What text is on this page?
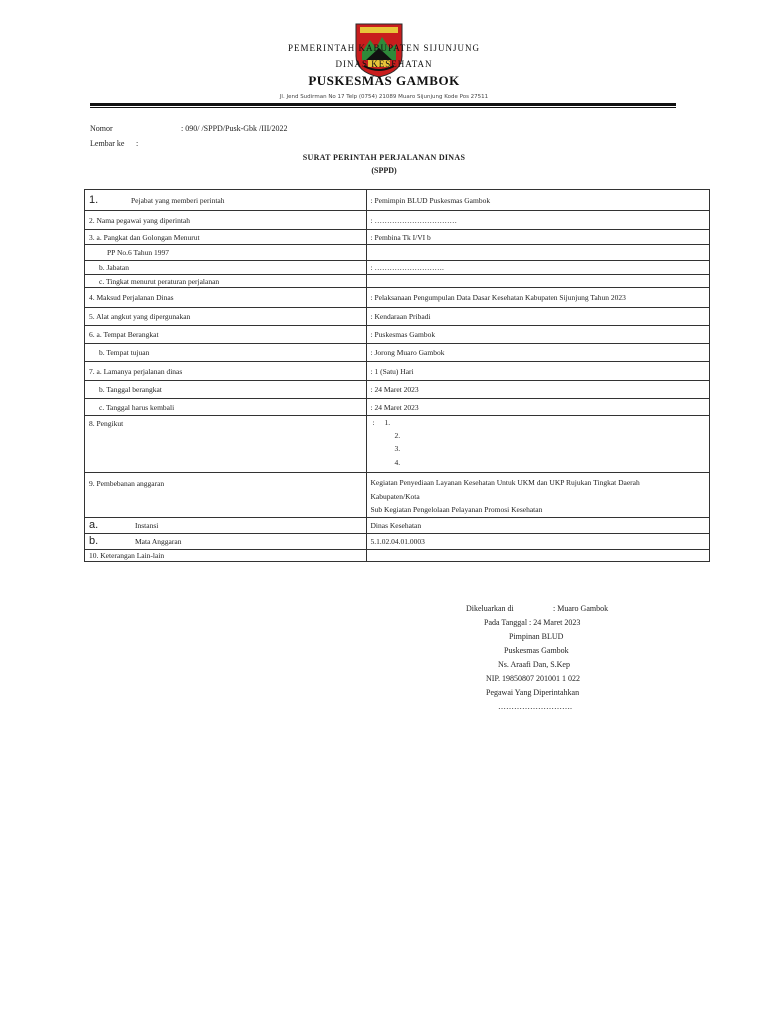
PEMERINTAH KABUPATEN SIJUNJUNG
DINAS KESEHATAN
PUSKESMAS GAMBOK
Jl. Jend Sudirman No 17 Telp (0754) 21089 Muaro Sijunjung Kode Pos 27511
Nomor	: 090/ /SPPD/Pusk-Gbk /III/2022
Lembar ke :
SURAT PERINTAH PERJALANAN DINAS
(SPPD)
1. Pejabat yang memberi perintah	: Pemimpin BLUD Puskesmas Gambok
2. Nama pegawai yang diperintah	: ……………………………
3. a. Pangkat dan Golongan Menurut	: Pembina Tk I/VI b
PP No.6 Tahun 1997	
b. Jabatan	: ……………………….
c. Tingkat menurut peraturan perjalanan	
4. Maksud Perjalanan Dinas	: Pelaksanaan Pengumpulan Data Dasar Kesehatan Kabupaten Sijunjung Tahun 2023
5. Alat angkut yang dipergunakan	: Kendaraan Pribadi
6. a. Tempat Berangkat	: Puskesmas Gambok
b. Tempat tujuan	: Jorong Muaro Gambok
7. a. Lamanya perjalanan dinas	: 1 (Satu) Hari
b. Tanggal berangkat	: 24 Maret 2023
c. Tanggal harus kembali	: 24 Maret 2023
8. Pengikut	: 1.
2.
3.
4.

9. Pembebanan anggaran	Kegiatan Penyediaan Layanan Kesehatan Untuk UKM dan UKP Rujukan Tingkat Daerah
Kabupaten/Kota
Sub Kegiatan Pengelolaan Pelayanan Promosi Kesehatan

a. Instansi	Dinas Kesehatan
b. Mata Anggaran	5.1.02.04.01.0003
10. Keterangan Lain-lain	
Dikeluarkan di	: Muaro Gambok
Pada Tanggal : 24 Maret 2023
Pimpinan BLUD
Puskesmas Gambok
Ns. Araafi Dan, S.Kep
NIP. 19850807 201001 1 022
Pegawai Yang Diperintahkan
……………………….
